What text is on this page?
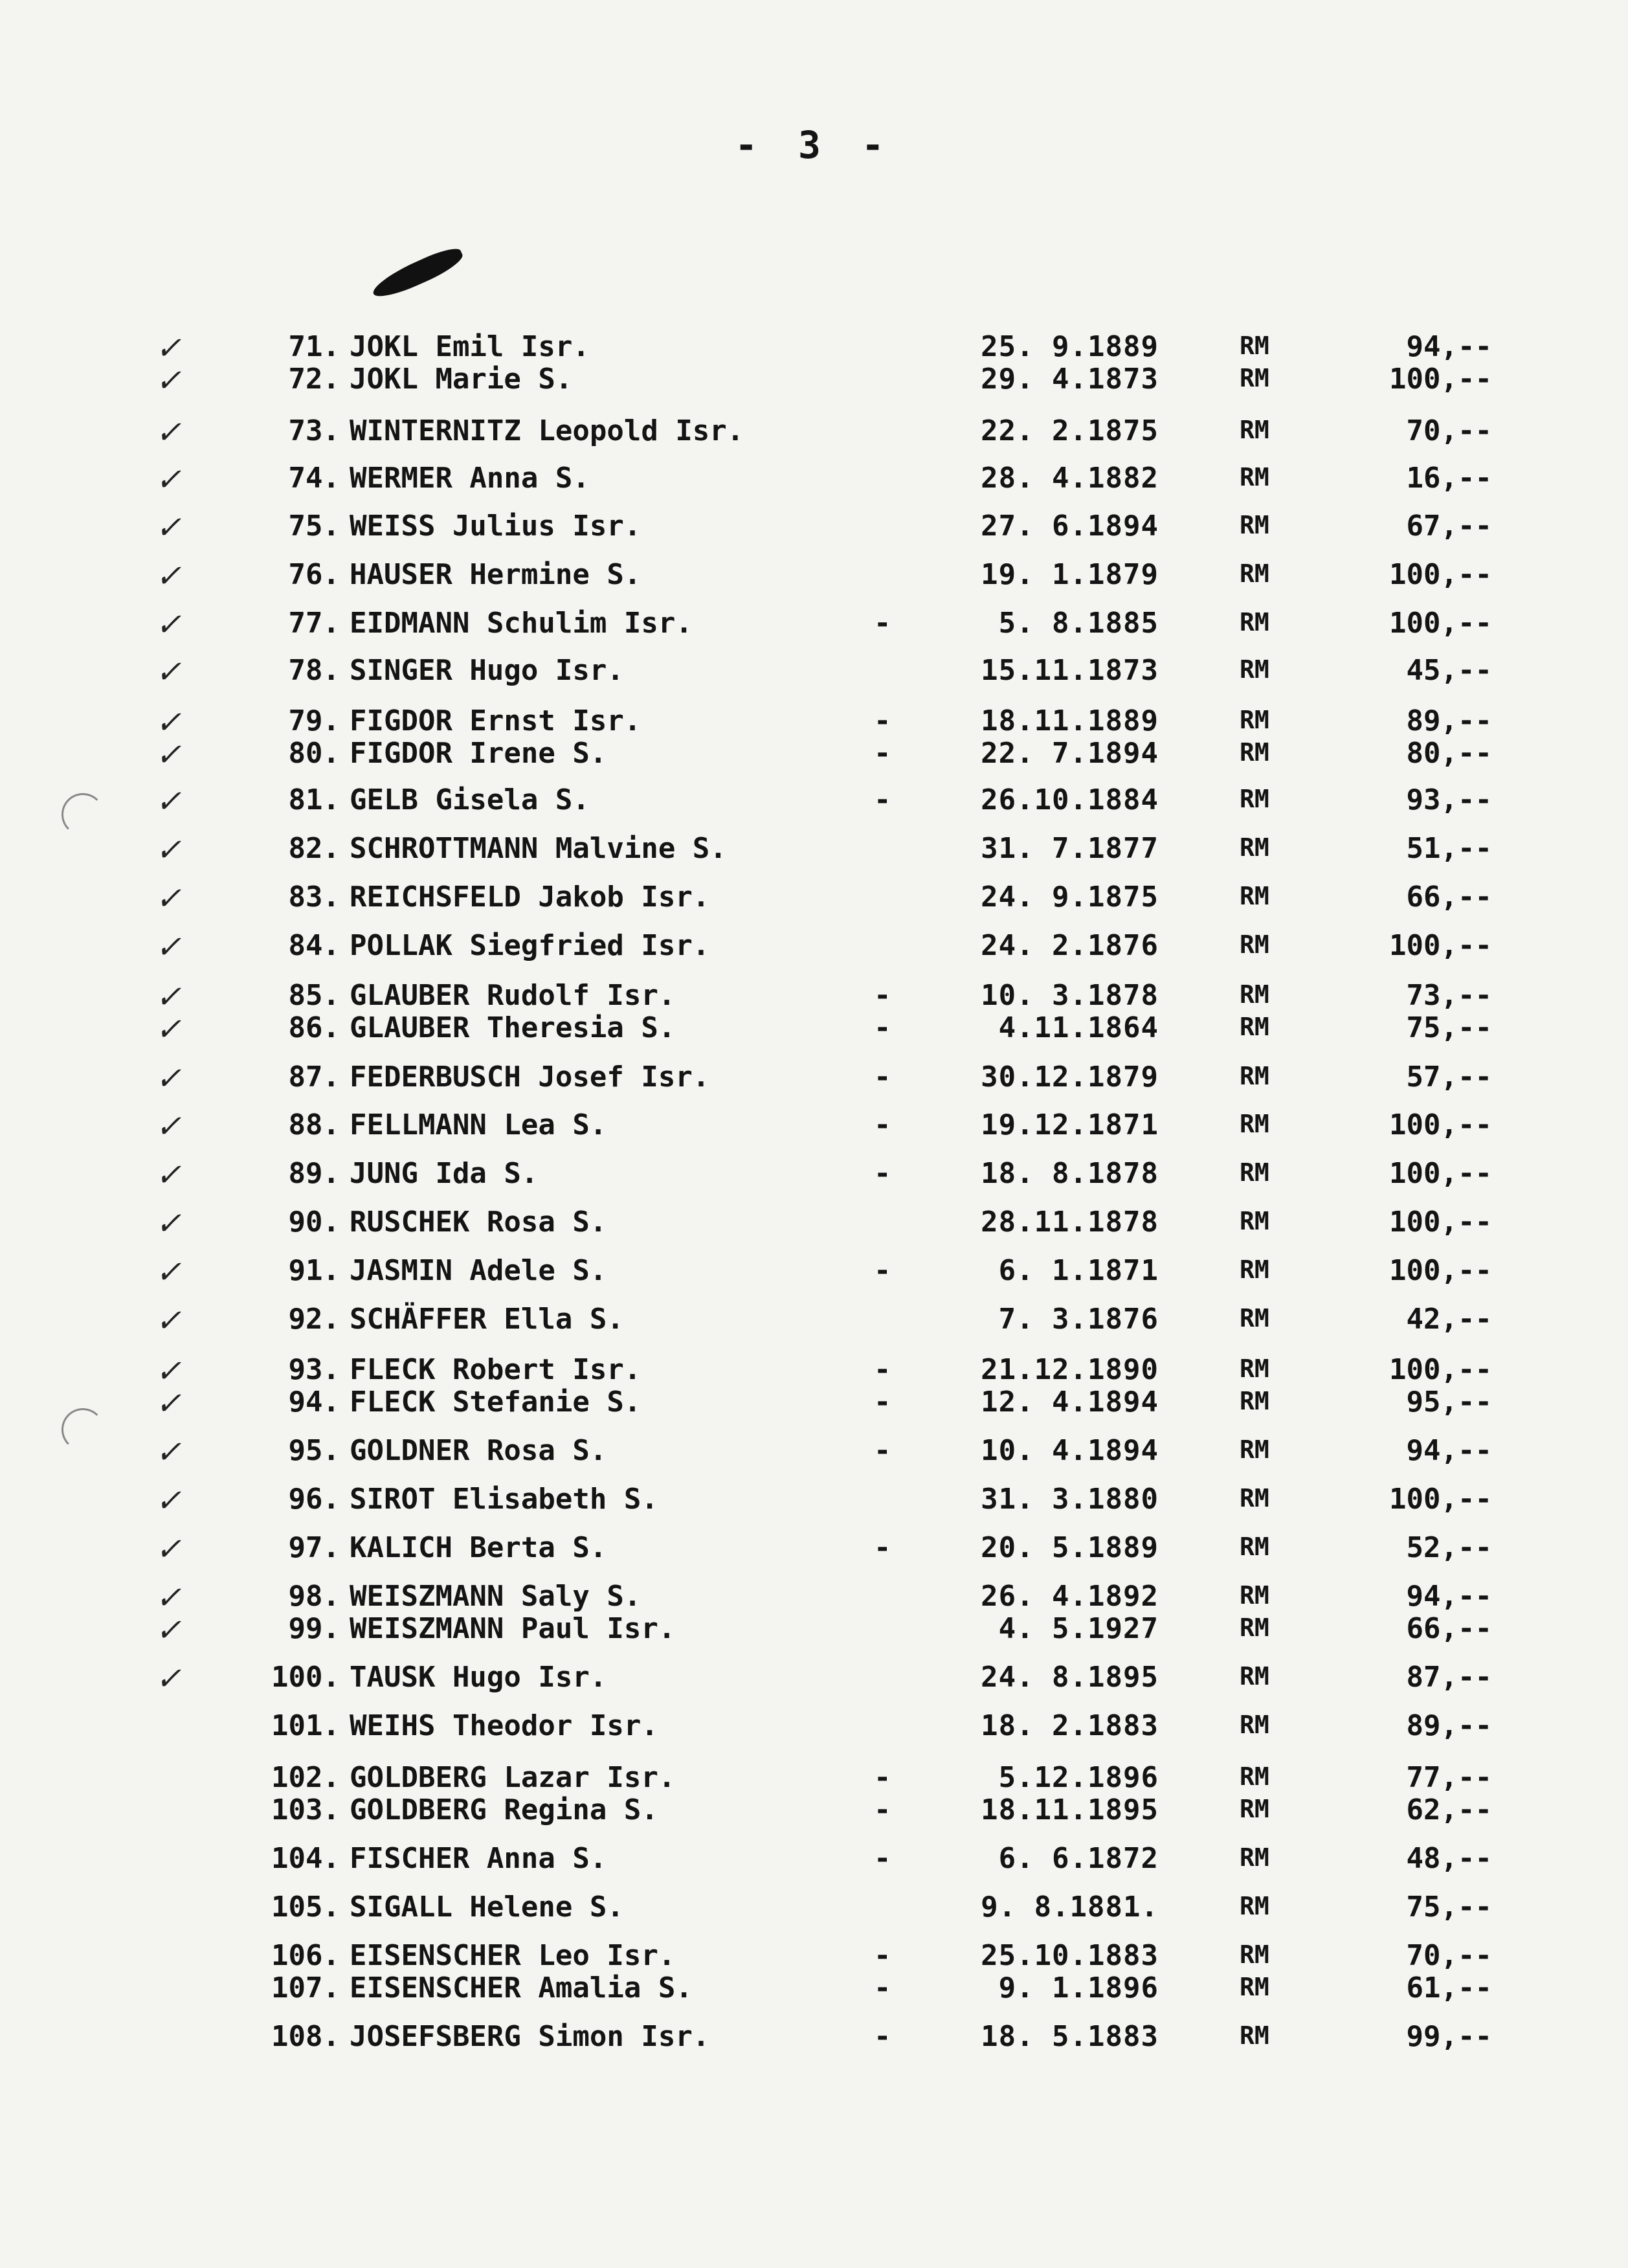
- 3 -
✓	71. JOKL Emil Isr.	25. 9.1889	RM	94,--
✓	72. JOKL Marie S.	29. 4.1873	RM	100,--
✓	73. WINTERNITZ Leopold Isr.	22. 2.1875	RM	70,--
✓	74. WERMER Anna S.	28. 4.1882	RM	16,--
✓	75. WEISS Julius Isr.	27. 6.1894	RM	67,--
✓	76. HAUSER Hermine S.	19. 1.1879	RM	100,--
✓	77. EIDMANN Schulim Isr.	-	5. 8.1885	RM	100,--
✓	78. SINGER Hugo Isr.	15.11.1873	RM	45,--
✓	79. FIGDOR Ernst Isr.	-	18.11.1889	RM	89,--
✓	80. FIGDOR Irene S.	-	22. 7.1894	RM	80,--
✓	81. GELB Gisela S.	-	26.10.1884	RM	93,--
✓	82. SCHROTTMANN Malvine S.	31. 7.1877	RM	51,--
✓	83. REICHSFELD Jakob Isr.	24. 9.1875	RM	66,--
✓	84. POLLAK Siegfried Isr.	24. 2.1876	RM	100,--
✓	85. GLAUBER Rudolf Isr.	-	10. 3.1878	RM	73,--
✓	86. GLAUBER Theresia S.	-	4.11.1864	RM	75,--
✓	87. FEDERBUSCH Josef Isr.	-	30.12.1879	RM	57,--
✓	88. FELLMANN Lea S.	-	19.12.1871	RM	100,--
✓	89. JUNG Ida S.	-	18. 8.1878	RM	100,--
✓	90. RUSCHEK Rosa S.	28.11.1878	RM	100,--
✓	91. JASMIN Adele S.	-	6. 1.1871	RM	100,--
✓	92. SCHÄFFER Ella S.	7. 3.1876	RM	42,--
✓	93. FLECK Robert Isr.	-	21.12.1890	RM	100,--
✓	94. FLECK Stefanie S.	-	12. 4.1894	RM	95,--
✓	95. GOLDNER Rosa S.	-	10. 4.1894	RM	94,--
✓	96. SIROT Elisabeth S.	31. 3.1880	RM	100,--
✓	97. KALICH Berta S.	-	20. 5.1889	RM	52,--
✓	98. WEISZMANN Saly S.	26. 4.1892	RM	94,--
✓	99. WEISZMANN Paul Isr.	4. 5.1927	RM	66,--
✓	100. TAUSK Hugo Isr.	24. 8.1895	RM	87,--
101. WEIHS Theodor Isr.	18. 2.1883	RM	89,--
102. GOLDBERG Lazar Isr.	-	5.12.1896	RM	77,--
103. GOLDBERG Regina S.	-	18.11.1895	RM	62,--
104. FISCHER Anna S.	-	6. 6.1872	RM	48,--
105. SIGALL Helene S.	9. 8.1881.	RM	75,--
106. EISENSCHER Leo Isr.	-	25.10.1883	RM	70,--
107. EISENSCHER Amalia S.	-	9. 1.1896	RM	61,--
108. JOSEFSBERG Simon Isr.	-	18. 5.1883	RM	99,--
